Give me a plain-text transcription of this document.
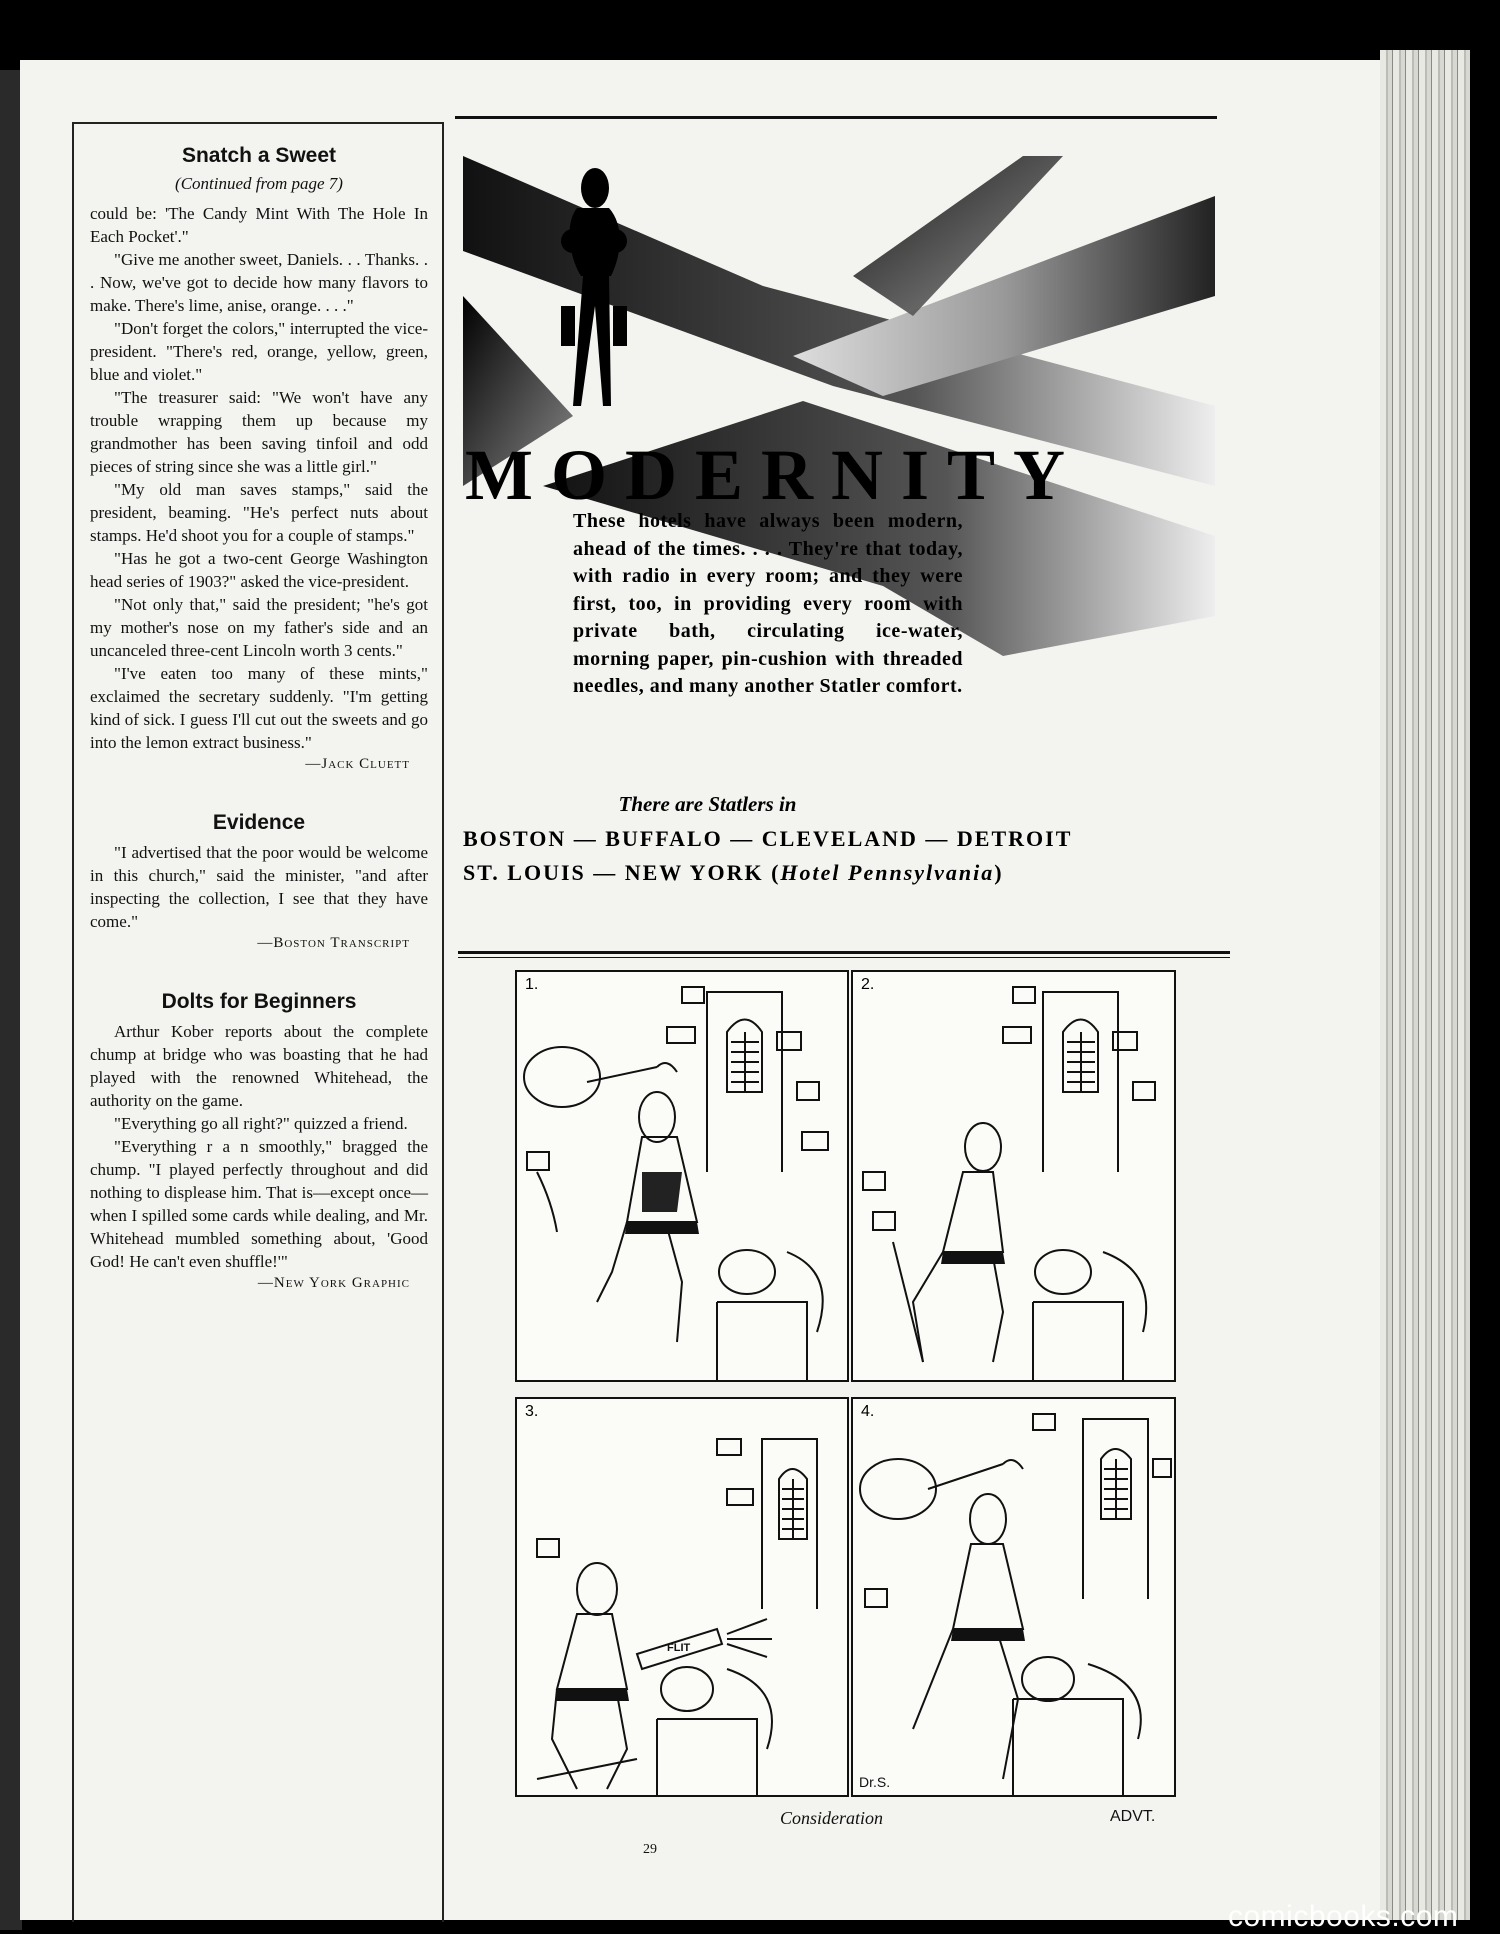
Snatch a Sweet

(Continued from page 7)

could be: 'The Candy Mint With The Hole In Each Pocket'."

"Give me another sweet, Daniels. . . Thanks. . . Now, we've got to decide how many flavors to make. There's lime, anise, orange. . . ."

"Don't forget the colors," interrupted the vice-president. "There's red, orange, yellow, green, blue and violet."

"The treasurer said: "We won't have any trouble wrapping them up because my grandmother has been saving tinfoil and odd pieces of string since she was a little girl."

"My old man saves stamps," said the president, beaming. "He's perfect nuts about stamps. He'd shoot you for a couple of stamps."

"Has he got a two-cent George Washington head series of 1903?" asked the vice-president.

"Not only that," said the president; "he's got my mother's nose on my father's side and an uncanceled three-cent Lincoln worth 3 cents."

"I've eaten too many of these mints," exclaimed the secretary suddenly. "I'm getting kind of sick. I guess I'll cut out the sweets and go into the lemon extract business."

—Jack Cluett

Evidence

"I advertised that the poor would be welcome in this church," said the minister, "and after inspecting the collection, I see that they have come."

—Boston Transcript

Dolts for Beginners

Arthur Kober reports about the complete chump at bridge who was boasting that he had played with the renowned Whitehead, the authority on the game.

"Everything go all right?" quizzed a friend.

"Everything r a n smoothly," bragged the chump. "I played perfectly throughout and did nothing to displease him. That is—except once—when I spilled some cards while dealing, and Mr. Whitehead mumbled something about, 'Good God! He can't even shuffle!'"

—New York Graphic

MODERNITY
These hotels have always been modern, ahead of the times. . . . They're that today, with radio in every room; and they were first, too, in providing every room with private bath, circulating ice-water, morning paper, pin-cushion with threaded needles, and many another Statler comfort.
There are Statlers in
BOSTON — BUFFALO — CLEVELAND — DETROIT
ST. LOUIS — NEW YORK (Hotel Pennsylvania)
1.	2.
FLIT
3.
Dr.S.
4.
Consideration	ADVT.
29
comicbooks.com
